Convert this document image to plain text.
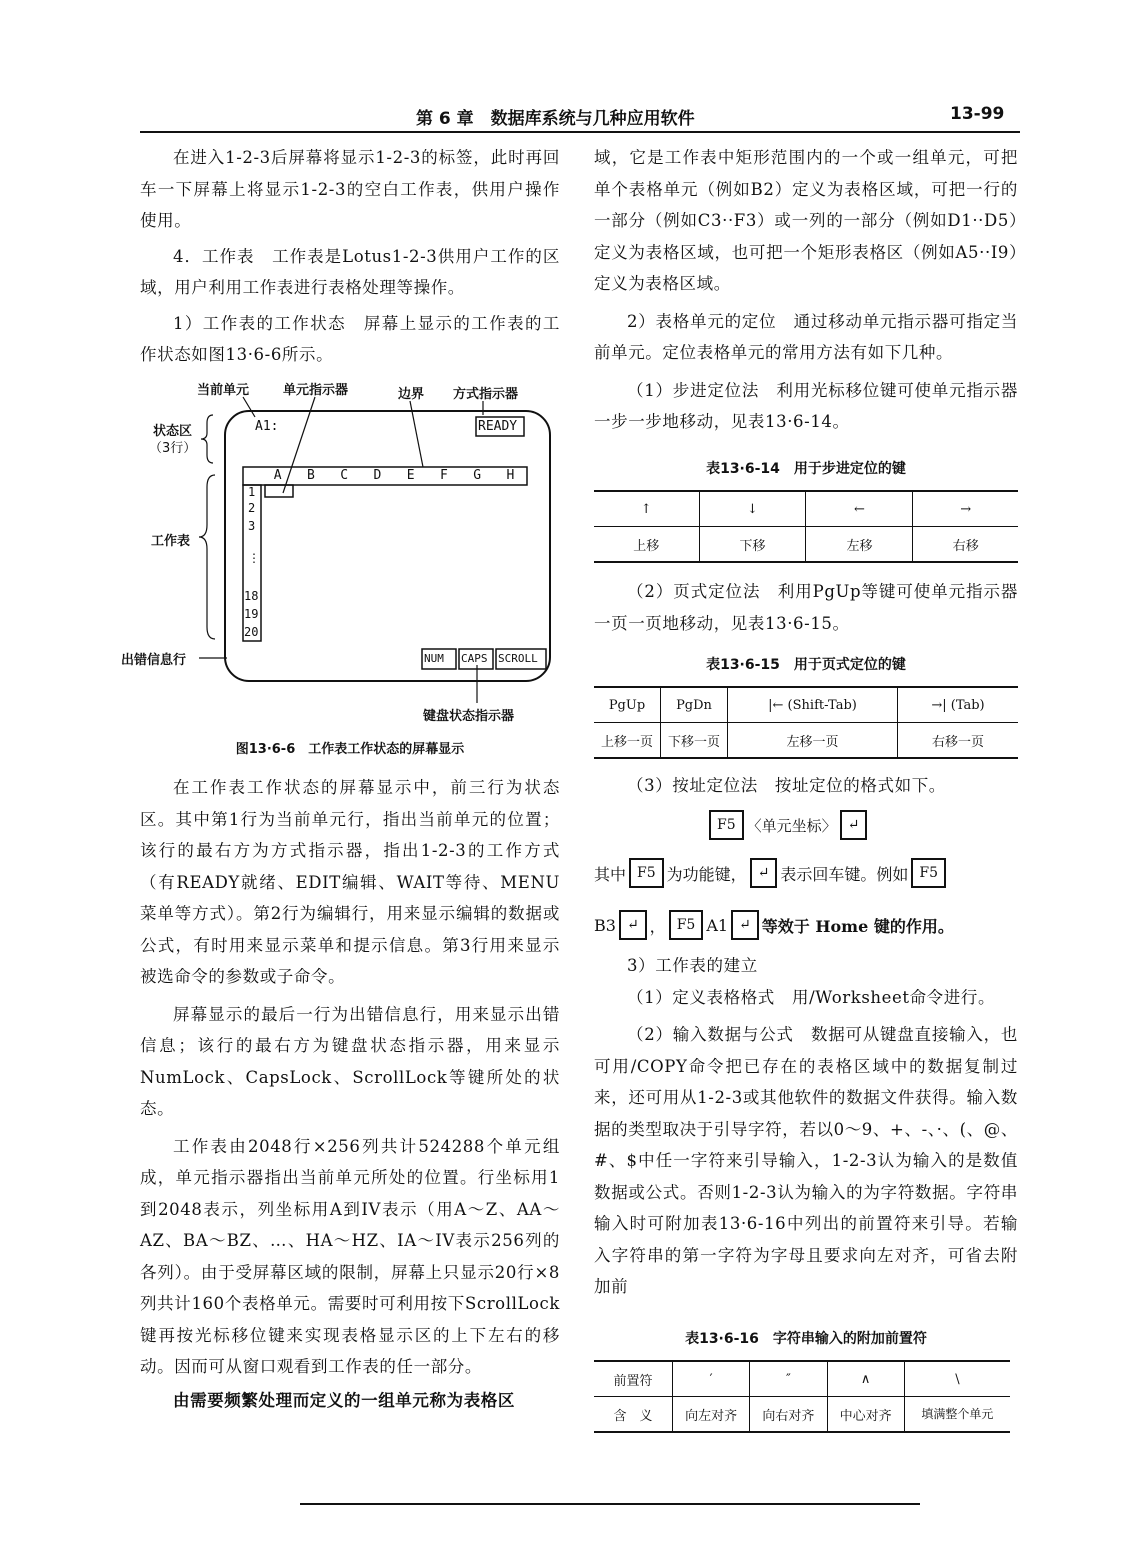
第 6 章　数据库系统与几种应用软件	13-99

在进入1-2-3后屏幕将显示1-2-3的标签，此时再回车一下屏幕上将显示1-2-3的空白工作表，供用户操作使用。

4．工作表　工作表是Lotus1-2-3供用户工作的区域，用户利用工作表进行表格处理等操作。

1）工作表的工作状态　屏幕上显示的工作表的工作状态如图13·6-6所示。

当前单元	单元指示器	边界 方式指示器
状态区
（3行）
工作表
出错信息行
键盘状态指示器
A1:	READY
A B C D E F G H
1
2
3
⋮
18
19
20
NUM CAPS SCROLL
图13·6-6　工作表工作状态的屏幕显示

在工作表工作状态的屏幕显示中，前三行为状态区。其中第1行为当前单元行，指出当前单元的位置；该行的最右方为方式指示器，指出1-2-3的工作方式（有READY就绪、EDIT编辑、WAIT等待、MENU菜单等方式）。第2行为编辑行，用来显示编辑的数据或公式，有时用来显示菜单和提示信息。第3行用来显示被选命令的参数或子命令。

屏幕显示的最后一行为出错信息行，用来显示出错信息；该行的最右方为键盘状态指示器，用来显示NumLock、CapsLock、ScrollLock等键所处的状态。

工作表由2048行×256列共计524288个单元组成，单元指示器指出当前单元所处的位置。行坐标用1到2048表示，列坐标用A到IV表示（用A～Z、AA～AZ、BA～BZ、…、HA～HZ、IA～IV表示256列的各列）。由于受屏幕区域的限制，屏幕上只显示20行×8列共计160个表格单元。需要时可利用按下ScrollLock键再按光标移位键来实现表格显示区的上下左右的移动。因而可从窗口观看到工作表的任一部分。

由需要频繁处理而定义的一组单元称为表格区

域，它是工作表中矩形范围内的一个或一组单元，可把单个表格单元（例如B2）定义为表格区域，可把一行的一部分（例如C3··F3）或一列的一部分（例如D1··D5）定义为表格区域，也可把一个矩形表格区（例如A5··I9）定义为表格区域。

2）表格单元的定位　通过移动单元指示器可指定当前单元。定位表格单元的常用方法有如下几种。

（1）步进定位法　利用光标移位键可使单元指示器一步一步地移动，见表13·6-14。

表13·6-14　用于步进定位的键
↑	↓	←	→
上移	下移	左移	右移

（2）页式定位法　利用PgUp等键可使单元指示器一页一页地移动，见表13·6-15。

表13·6-15　用于页式定位的键
PgUp	PgDn	|← (Shift-Tab)	→| (Tab)
上移一页	下移一页	左移一页	右移一页

（3）按址定位法　按址定位的格式如下。

F5 〈单元坐标〉 ↵
其中 F5 为功能键， ↵ 表示回车键。例如 F5
B3 ↵ ， F5 A1 ↵ 等效于 Home 键的作用。

3）工作表的建立

（1）定义表格格式　用/Worksheet命令进行。

（2）输入数据与公式　数据可从键盘直接输入，也可用/COPY命令把已存在的表格区域中的数据复制过来，还可用从1-2-3或其他软件的数据文件获得。输入数据的类型取决于引导字符，若以0～9、+、-、·、(、@、#、$中任一字符来引导输入，1-2-3认为输入的是数值数据或公式。否则1-2-3认为输入的为字符数据。字符串输入时可附加表13·6-16中列出的前置符来引导。若输入字符串的第一字符为字母且要求向左对齐，可省去附加前

表13·6-16　字符串输入的附加前置符
前置符	′	″	∧	\
含　义	向左对齐	向右对齐	中心对齐	填满整个单元
